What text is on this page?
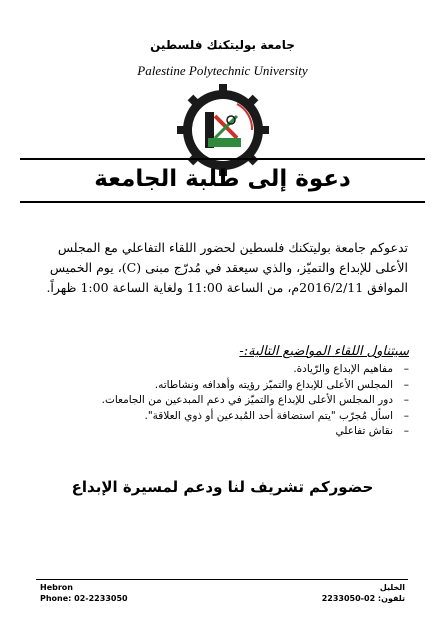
جامعة بوليتكنك فلسطين
Palestine Polytechnic University
دعوة إلى طلبة الجامعة
تدعوكم جامعة بوليتكنك فلسطين لحضور اللقاء التفاعلي مع المجلس الأعلى للإبداع والتميّز، والذي سيعقد في مُدرّج مبنى (C)، يوم الخميس الموافق 2016/2/11م، من الساعة 11:00 ولغاية الساعة 1:00 ظهراً.
سيتناول اللقاء المواضيع التالية:-
–
مفاهيم الإبداع والرّيادة.
–
المجلس الأعلى للإبداع والتميّز رؤيته وأهدافه ونشاطاته.
–
دور المجلس الأعلى للإبداع والتميّز في دعم المبدعين من الجامعات.
–
اسأل مُجرّب "يتم استضافة أحد المُبدعين أو ذوي العلاقة".
–
نقاش تفاعلي
حضوركم تشريف لنا ودعم لمسيرة الإبداع
Hebron
Phone: 02-2233050
الخليل
تلفون: 02-2233050
